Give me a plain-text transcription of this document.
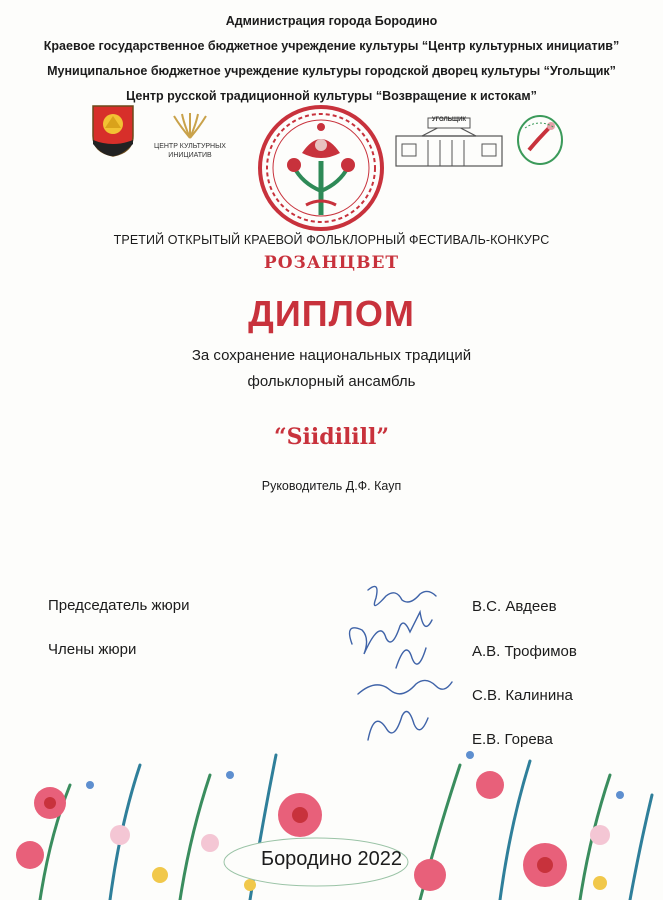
Администрация города Бородино
Краевое государственное бюджетное учреждение культуры “Центр культурных инициатив”
Муниципальное бюджетное учреждение культуры городской дворец культуры “Угольщик”
Центр русской традиционной культуры “Возвращение к истокам”
ЦЕНТР КУЛЬТУРНЫХ ИНИЦИАТИВ
УГОЛЬЩИК
ТРЕТИЙ ОТКРЫТЫЙ КРАЕВОЙ ФОЛЬКЛОРНЫЙ ФЕСТИВАЛЬ-КОНКУРС
РОЗАНЦВЕТ
ДИПЛОМ
За сохранение национальных традиций
фольклорный ансамбль
“Siidilill”
Руководитель Д.Ф. Кауп
Председатель жюри
Члены жюри
В.С. Авдеев
А.В. Трофимов
С.В. Калинина
Е.В. Горева
Бородино 2022
